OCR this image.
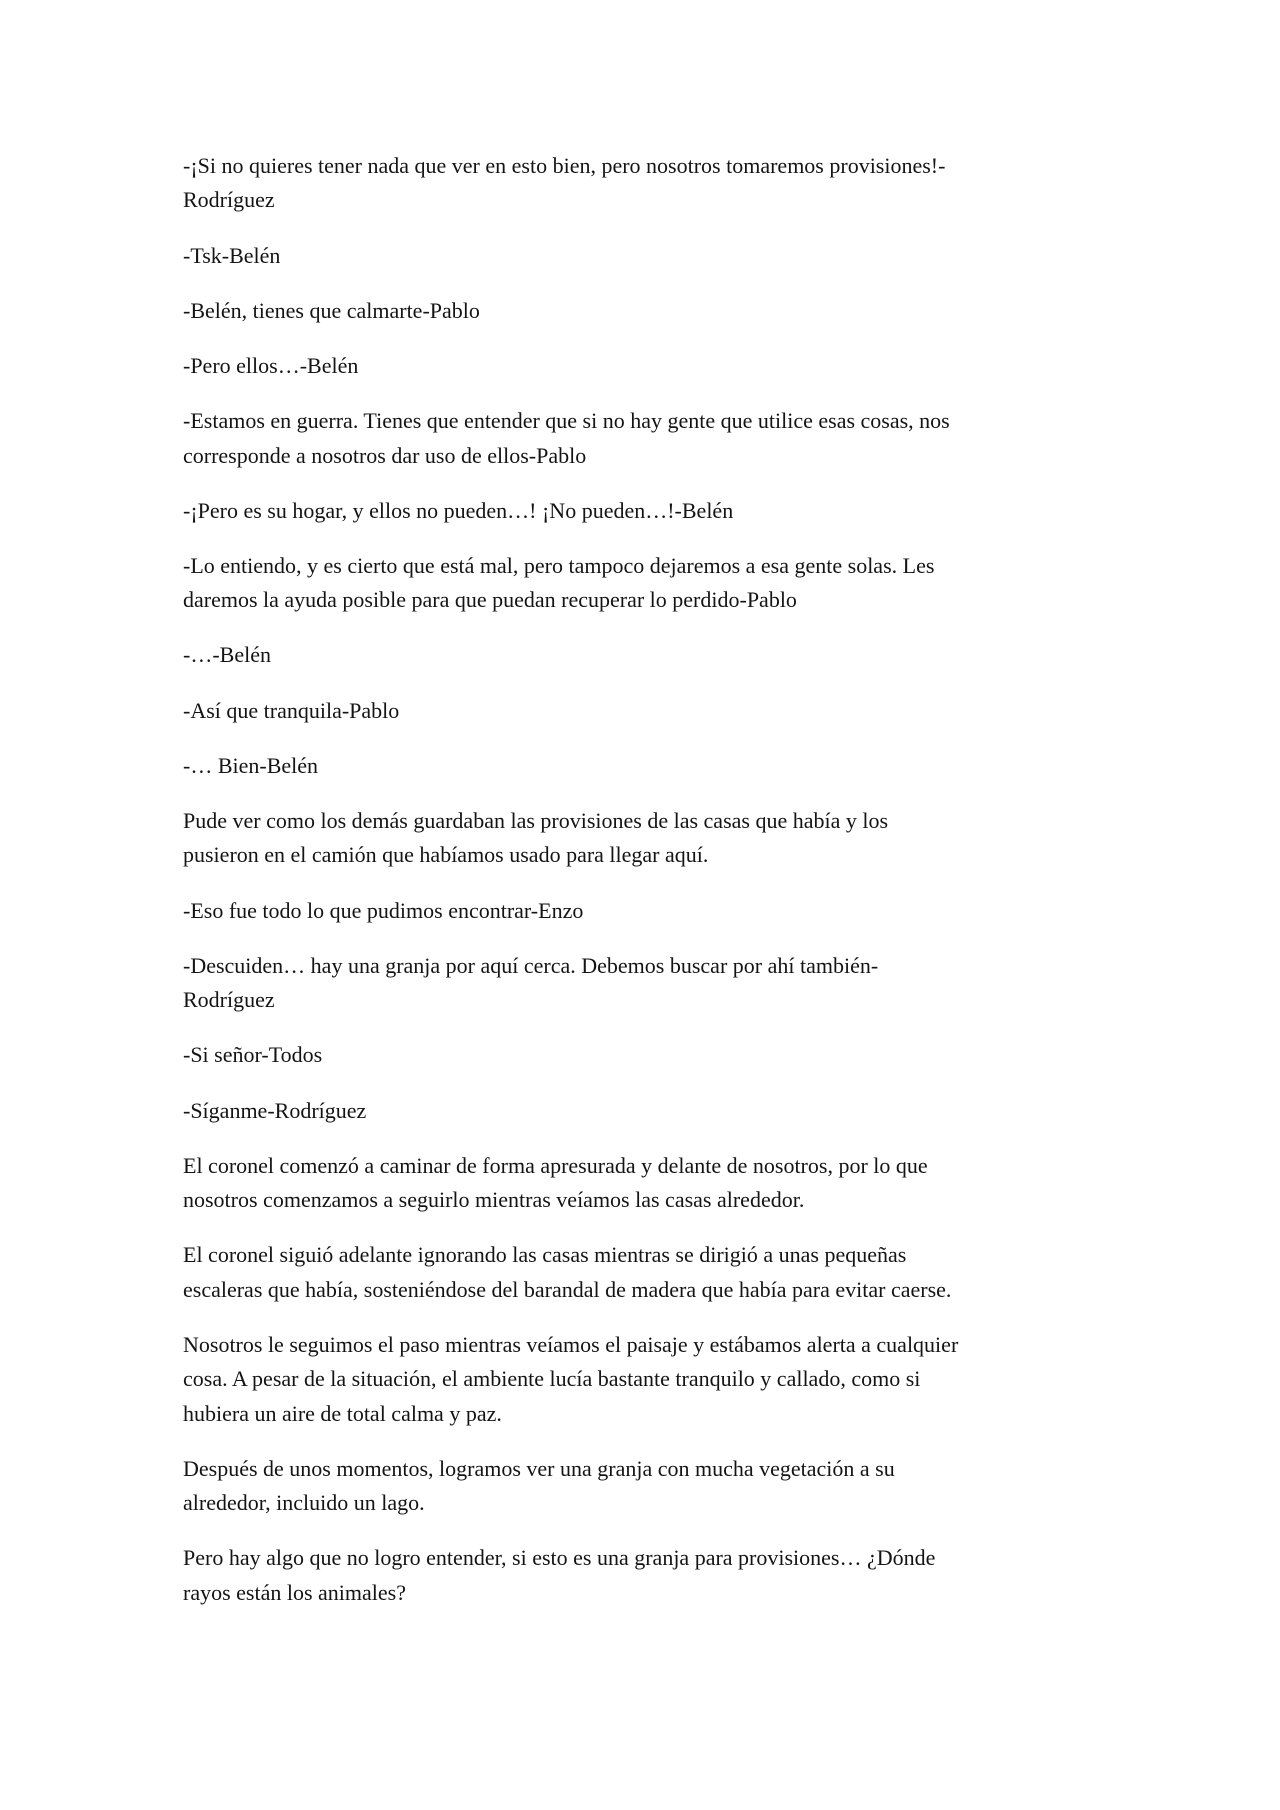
-¡Si no quieres tener nada que ver en esto bien, pero nosotros tomaremos provisiones!-
Rodríguez

-Tsk-Belén

-Belén, tienes que calmarte-Pablo

-Pero ellos…-Belén

-Estamos en guerra. Tienes que entender que si no hay gente que utilice esas cosas, nos
corresponde a nosotros dar uso de ellos-Pablo

-¡Pero es su hogar, y ellos no pueden…! ¡No pueden…!-Belén

-Lo entiendo, y es cierto que está mal, pero tampoco dejaremos a esa gente solas. Les
daremos la ayuda posible para que puedan recuperar lo perdido-Pablo

-…-Belén

-Así que tranquila-Pablo

-… Bien-Belén

Pude ver como los demás guardaban las provisiones de las casas que había y los
pusieron en el camión que habíamos usado para llegar aquí.

-Eso fue todo lo que pudimos encontrar-Enzo

-Descuiden… hay una granja por aquí cerca. Debemos buscar por ahí también-
Rodríguez

-Si señor-Todos

-Síganme-Rodríguez

El coronel comenzó a caminar de forma apresurada y delante de nosotros, por lo que
nosotros comenzamos a seguirlo mientras veíamos las casas alrededor.

El coronel siguió adelante ignorando las casas mientras se dirigió a unas pequeñas
escaleras que había, sosteniéndose del barandal de madera que había para evitar caerse.

Nosotros le seguimos el paso mientras veíamos el paisaje y estábamos alerta a cualquier
cosa. A pesar de la situación, el ambiente lucía bastante tranquilo y callado, como si
hubiera un aire de total calma y paz.

Después de unos momentos, logramos ver una granja con mucha vegetación a su
alrededor, incluido un lago.

Pero hay algo que no logro entender, si esto es una granja para provisiones… ¿Dónde
rayos están los animales?
